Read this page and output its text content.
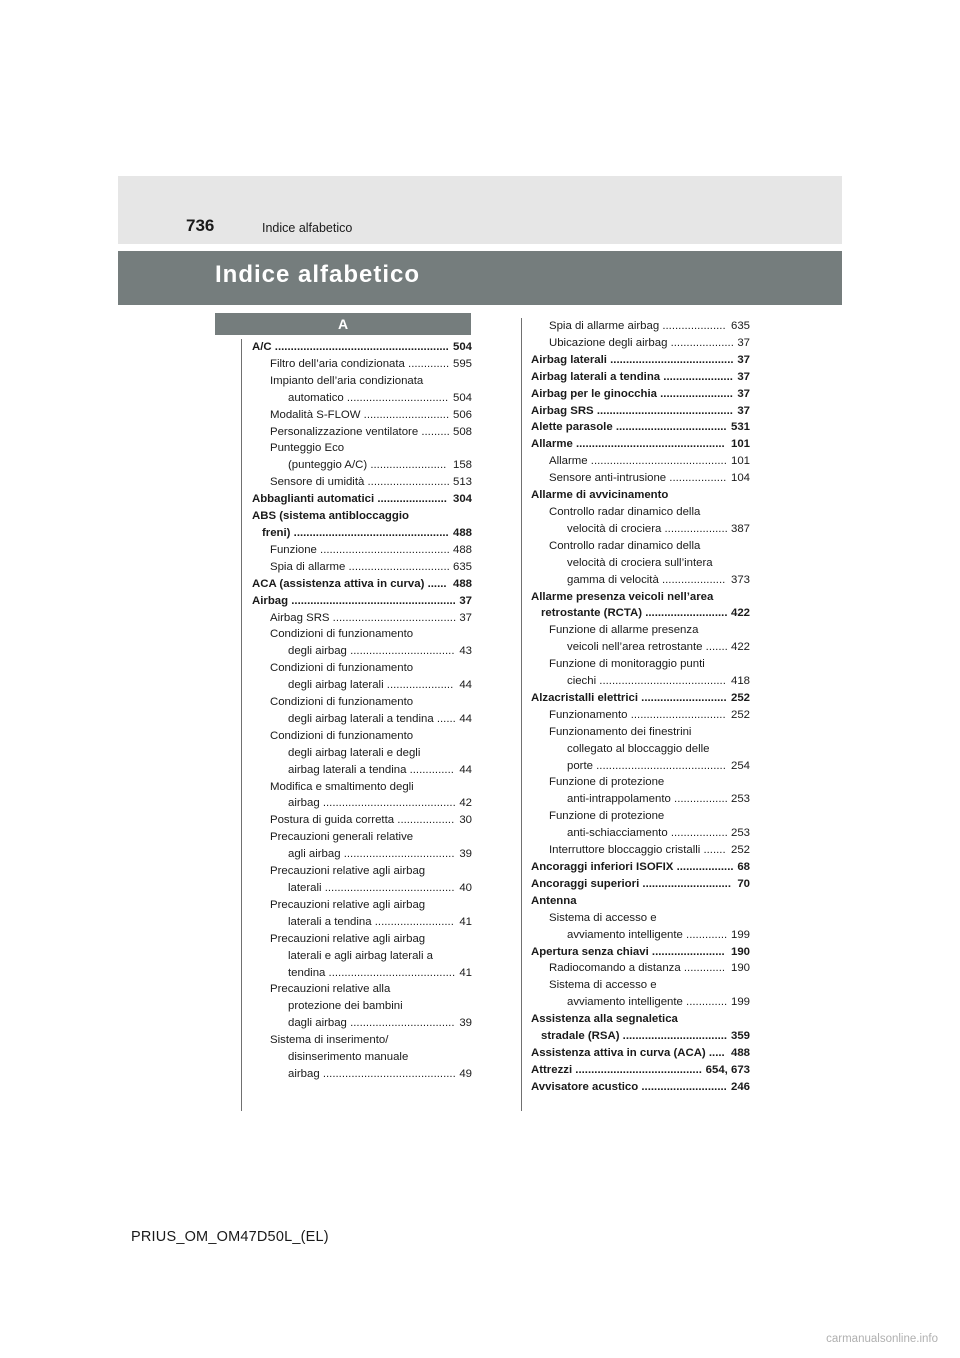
736	Indice alfabetico
Indice alfabetico
A
A/C ....................................................... 504
Filtro dell’aria condizionata ............. 595
Impianto dell’aria condizionata
automatico ................................ 504
Modalità S-FLOW ........................... 506
Personalizzazione ventilatore ......... 508
Punteggio Eco
(punteggio A/C) ........................ 158
Sensore di umidità .......................... 513
Abbaglianti automatici ...................... 304
ABS (sistema antibloccaggio
freni) ................................................. 488
Funzione ......................................... 488
Spia di allarme ................................ 635
ACA (assistenza attiva in curva) ...... 488
Airbag .................................................... 37
Airbag SRS ....................................... 37
Condizioni di funzionamento
degli airbag ................................. 43
Condizioni di funzionamento
degli airbag laterali ..................... 44
Condizioni di funzionamento
degli airbag laterali a tendina ...... 44
Condizioni di funzionamento
degli airbag laterali e degli
airbag laterali a tendina .............. 44
Modifica e smaltimento degli
airbag .......................................... 42
Postura di guida corretta .................. 30
Precauzioni generali relative
agli airbag ................................... 39
Precauzioni relative agli airbag
laterali ......................................... 40
Precauzioni relative agli airbag
laterali a tendina ......................... 41
Precauzioni relative agli airbag
laterali e agli airbag laterali a
tendina ........................................ 41
Precauzioni relative alla
protezione dei bambini
dagli airbag ................................. 39
Sistema di inserimento/
disinserimento manuale
airbag .......................................... 49
Spia di allarme airbag .................... 635
Ubicazione degli airbag .................... 37
Airbag laterali ....................................... 37
Airbag laterali a tendina ...................... 37
Airbag per le ginocchia ....................... 37
Airbag SRS ........................................... 37
Alette parasole ................................... 531
Allarme ............................................... 101
Allarme ........................................... 101
Sensore anti-intrusione .................. 104
Allarme di avvicinamento
Controllo radar dinamico della
velocità di crociera .................... 387
Controllo radar dinamico della
velocità di crociera sull’intera
gamma di velocità .................... 373
Allarme presenza veicoli nell’area
retrostante (RCTA) .......................... 422
Funzione di allarme presenza
veicoli nell’area retrostante ....... 422
Funzione di monitoraggio punti
ciechi ........................................ 418
Alzacristalli elettrici ........................... 252
Funzionamento .............................. 252
Funzionamento dei finestrini
collegato al bloccaggio delle
porte ......................................... 254
Funzione di protezione
anti-intrappolamento ................. 253
Funzione di protezione
anti-schiacciamento .................. 253
Interruttore bloccaggio cristalli ....... 252
Ancoraggi inferiori ISOFIX .................. 68
Ancoraggi superiori ............................ 70
Antenna
Sistema di accesso e
avviamento intelligente ............. 199
Apertura senza chiavi ....................... 190
Radiocomando a distanza ............. 190
Sistema di accesso e
avviamento intelligente ............. 199
Assistenza alla segnaletica
stradale (RSA) ................................. 359
Assistenza attiva in curva (ACA) ..... 488
Attrezzi ........................................ 654, 673
Avvisatore acustico ........................... 246
PRIUS_OM_OM47D50L_(EL)
carmanualsonline.info
